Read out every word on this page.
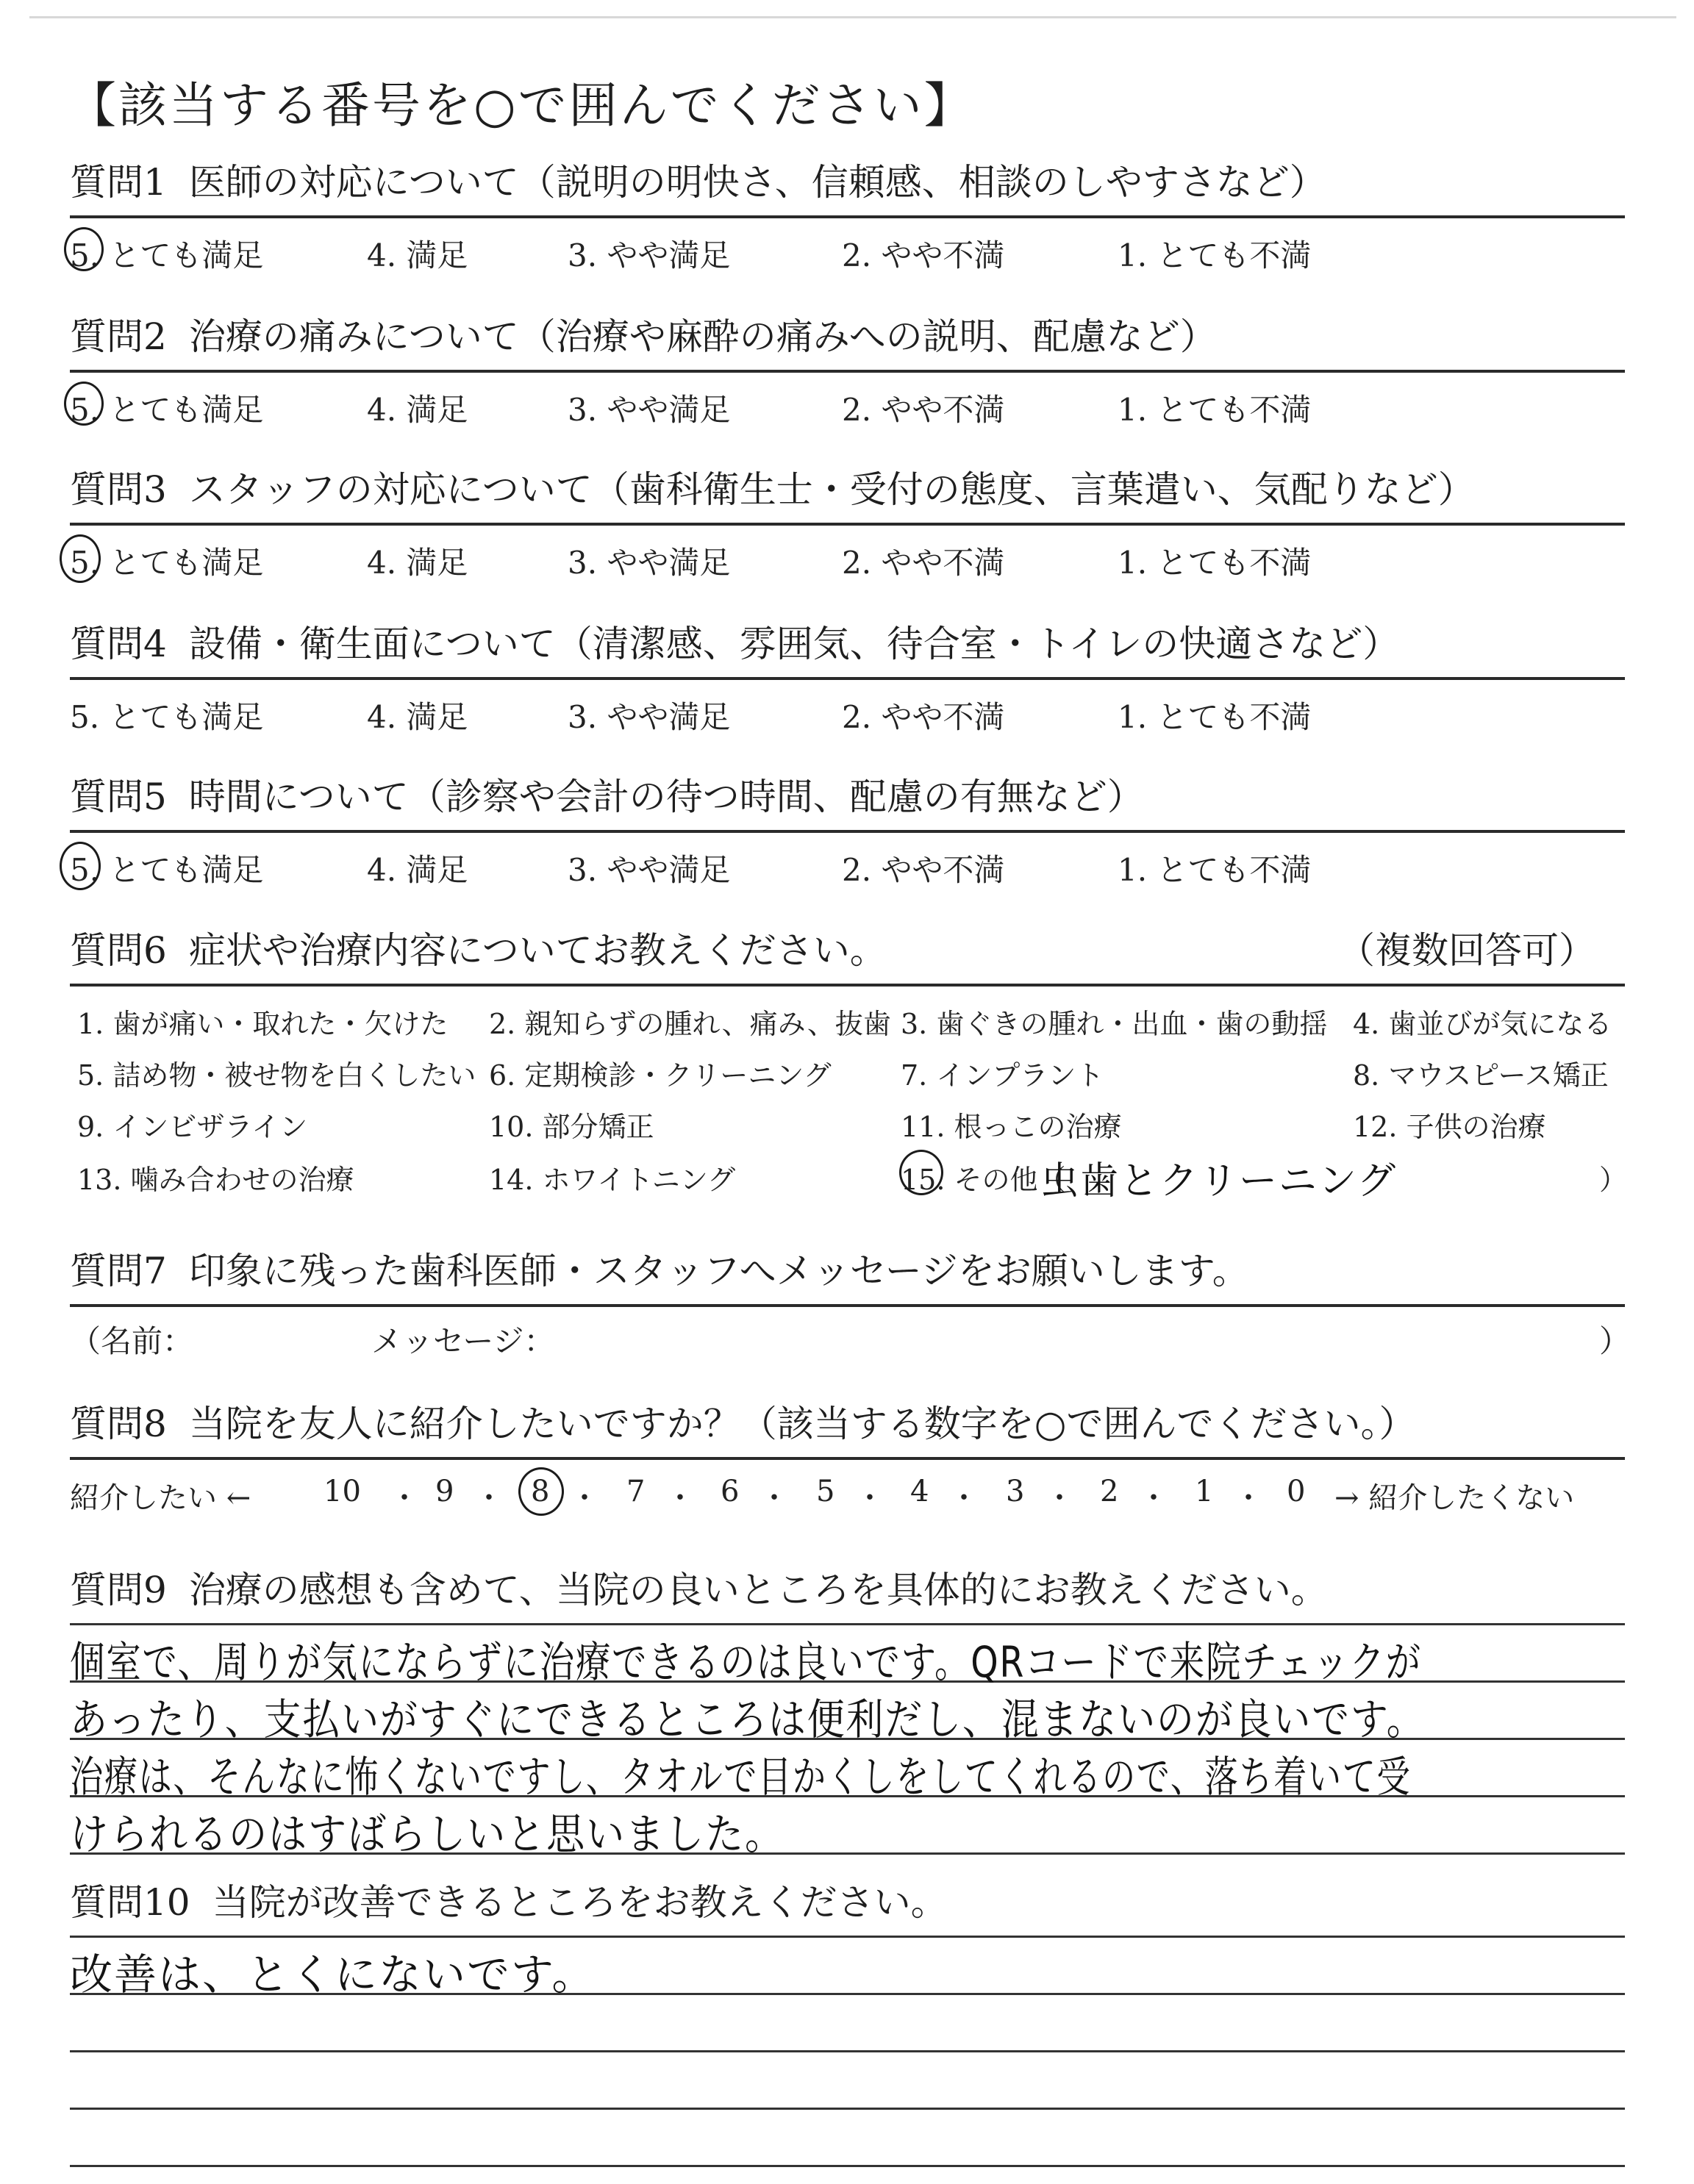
【該当する番号を○で囲んでください】
質問1 医師の対応について（説明の明快さ、信頼感、相談のしやすさなど）
5. とても満足	4. 満足	3. やや満足	2. やや不満	1. とても不満
質問2 治療の痛みについて（治療や麻酔の痛みへの説明、配慮など）
5. とても満足	4. 満足	3. やや満足	2. やや不満	1. とても不満
質問3 スタッフの対応について（歯科衛生士・受付の態度、言葉遣い、気配りなど）
5. とても満足	4. 満足	3. やや満足	2. やや不満	1. とても不満
質問4 設備・衛生面について（清潔感、雰囲気、待合室・トイレの快適さなど）
5. とても満足	4. 満足	3. やや満足	2. やや不満	1. とても不満
質問5 時間について（診察や会計の待つ時間、配慮の有無など）
5. とても満足	4. 満足	3. やや満足	2. やや不満	1. とても不満
質問6 症状や治療内容についてお教えください。	（複数回答可）
1. 歯が痛い・取れた・欠けた 2. 親知らずの腫れ、痛み、抜歯 3. 歯ぐきの腫れ・出血・歯の動揺 4. 歯並びが気になる
5. 詰め物・被せ物を白くしたい 6. 定期検診・クリーニング 7. インプラント	8. マウスピース矯正
9. インビザライン	10. 部分矯正	11. 根っこの治療	12. 子供の治療
13. 噛み合わせの治療	14. ホワイトニング	15. その他（
虫歯とクリーニング	）
質問7 印象に残った歯科医師・スタッフへメッセージをお願いします。
（名前：	メッセージ：	）
質問8 当院を友人に紹介したいですか？（該当する数字を○で囲んでください。）
紹介したい ← 10 ・ 9 ・ 8 ・ 7 ・ 6 ・ 5 ・ 4 ・ 3 ・ 2 ・ 1 ・ 0 → 紹介したくない
質問9 治療の感想も含めて、当院の良いところを具体的にお教えください。
個室で、周りが気にならずに治療できるのは良いです。QRコードで来院チェックが
あったり、支払いがすぐにできるところは便利だし、混まないのが良いです。
治療は、そんなに怖くないですし、タオルで目かくしをしてくれるので、落ち着いて受
けられるのはすばらしいと思いました。
質問10 当院が改善できるところをお教えください。
改善は、とくにないです。
